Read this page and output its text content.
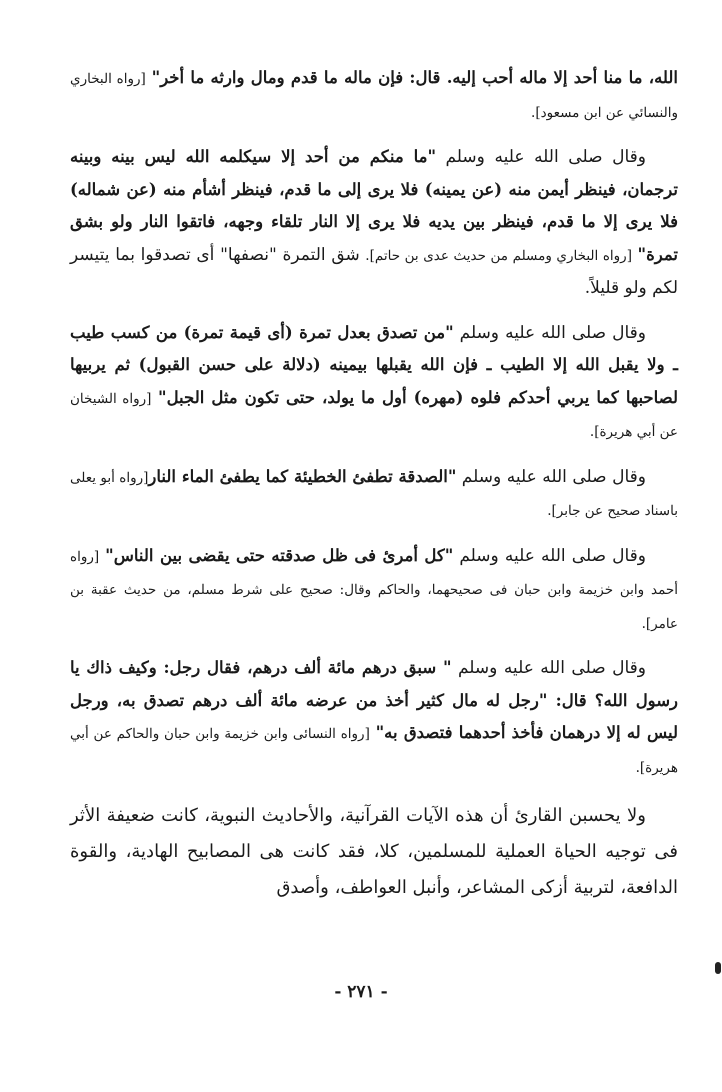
الله، ما منا أحد إلا ماله أحب إليه. قال: فإن ماله ما قدم ومال وارثه ما أخر" [رواه البخاري والنسائي عن ابن مسعود].

وقال صلى الله عليه وسلم "ما منكم من أحد إلا سيكلمه الله ليس بينه وبينه ترجمان، فينظر أيمن منه (عن يمينه) فلا يرى إلى ما قدم، فينظر أشأم منه (عن شماله) فلا يرى إلا ما قدم، فينظر بين يديه فلا يرى إلا النار تلقاء وجهه، فاتقوا النار ولو بشق تمرة" [رواه البخاري ومسلم من حديث عدى بن حاتم]. شق التمرة "نصفها" أى تصدقوا بما يتيسر لكم ولو قليلاً.

وقال صلى الله عليه وسلم "من تصدق بعدل تمرة (أى قيمة تمرة) من كسب طيب ـ ولا يقبل الله إلا الطيب ـ فإن الله يقبلها بيمينه (دلالة على حسن القبول) ثم يربيها لصاحبها كما يربي أحدكم فلوه (مهره) أول ما يولد، حتى تكون مثل الجبل" [رواه الشيخان عن أبي هريرة].

وقال صلى الله عليه وسلم "الصدقة تطفئ الخطيئة كما يطفئ الماء النار[رواه أبو يعلى باسناد صحيح عن جابر].

وقال صلى الله عليه وسلم "كل أمرئ فى ظل صدقته حتى يقضى بين الناس" [رواه أحمد وابن خزيمة وابن حبان فى صحيحهما، والحاكم وقال: صحيح على شرط مسلم، من حديث عقبة بن عامر].

وقال صلى الله عليه وسلم " سبق درهم مائة ألف درهم، فقال رجل: وكيف ذاك يا رسول الله؟ قال: "رجل له مال كثير أخذ من عرضه مائة ألف درهم تصدق به، ورجل ليس له إلا درهمان فأخذ أحدهما فتصدق به" [رواه النسائى وابن خزيمة وابن حبان والحاكم عن أبي هريرة].

ولا يحسبن القارئ أن هذه الآيات القرآنية، والأحاديث النبوية، كانت ضعيفة الأثر فى توجيه الحياة العملية للمسلمين، كلا، فقد كانت هى المصابيح الهادية، والقوة الدافعة، لتربية أزكى المشاعر، وأنبل العواطف، وأصدق

- ٢٧١ -
